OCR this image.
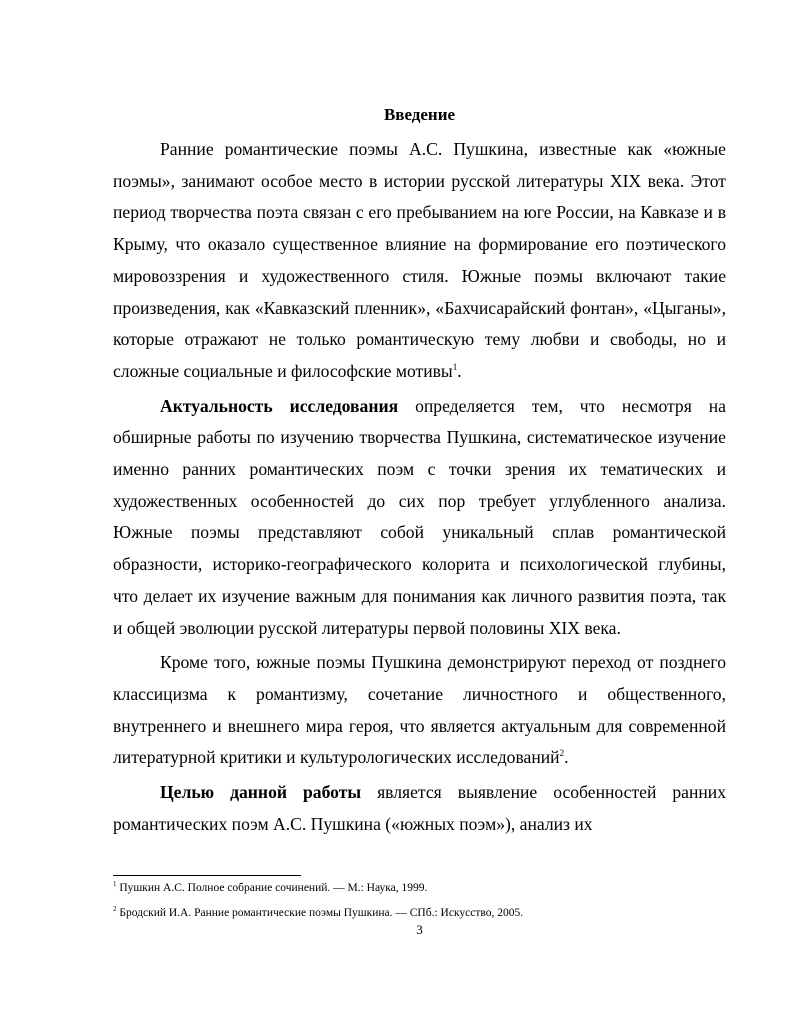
Введение

Ранние романтические поэмы А.С. Пушкина, известные как «южные поэмы», занимают особое место в истории русской литературы XIX века. Этот период творчества поэта связан с его пребыванием на юге России, на Кавказе и в Крыму, что оказало существенное влияние на формирование его поэтического мировоззрения и художественного стиля. Южные поэмы включают такие произведения, как «Кавказский пленник», «Бахчисарайский фонтан», «Цыганы», которые отражают не только романтическую тему любви и свободы, но и сложные социальные и философские мотивы$^1$.

Актуальность исследования определяется тем, что несмотря на обширные работы по изучению творчества Пушкина, систематическое изучение именно ранних романтических поэм с точки зрения их тематических и художественных особенностей до сих пор требует углубленного анализа. Южные поэмы представляют собой уникальный сплав романтической образности, историко-географического колорита и психологической глубины, что делает их изучение важным для понимания как личного развития поэта, так и общей эволюции русской литературы первой половины XIX века.

Кроме того, южные поэмы Пушкина демонстрируют переход от позднего классицизма к романтизму, сочетание личностного и общественного, внутреннего и внешнего мира героя, что является актуальным для современной литературной критики и культурологических исследований$^2$.

Целью данной работы является выявление особенностей ранних романтических поэм А.С. Пушкина («южных поэм»), анализ их

$^1$ Пушкин А.С. Полное собрание сочинений. — М.: Наука, 1999.

$^2$ Бродский И.А. Ранние романтические поэмы Пушкина. — СПб.: Искусство, 2005.

3
